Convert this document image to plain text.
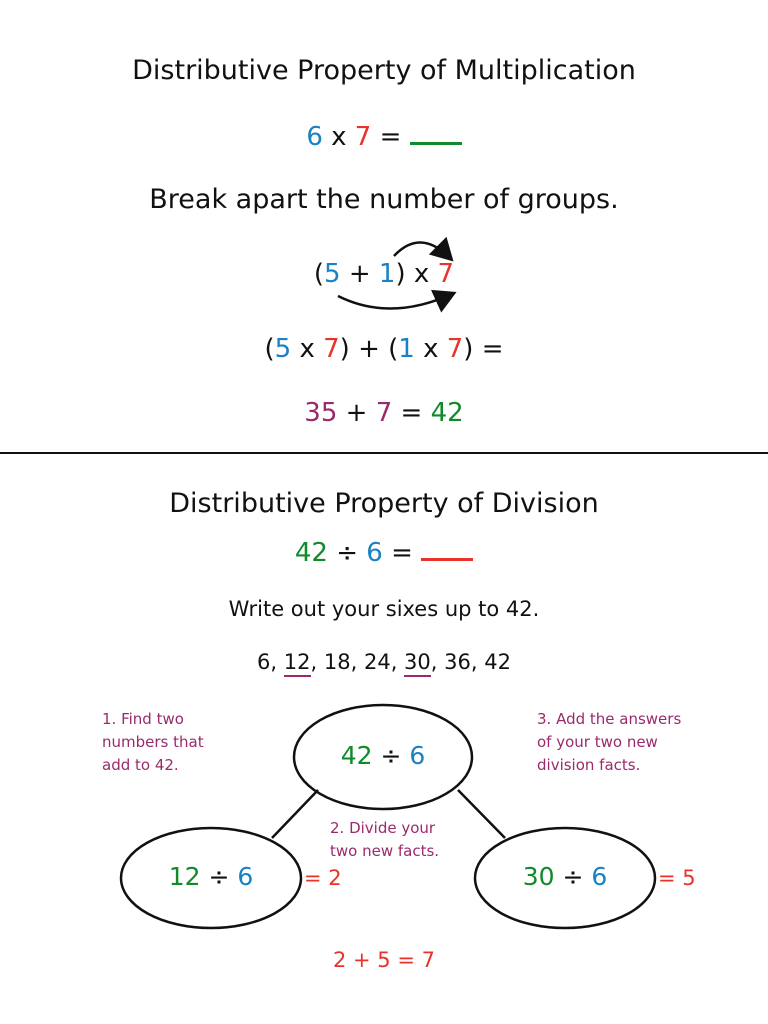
Distributive Property of Multiplication
6 x 7 =
Break apart the number of groups.
(5 + 1) x 7
(5 x 7) + (1 x 7) =
35 + 7 = 42
Distributive Property of Division
42 ÷ 6 =
Write out your sixes up to 42.
6, 12, 18, 24, 30, 36, 42
1. Find two
numbers that
add to 42.
2. Divide your
two new facts.
3. Add the answers
of your two new
division facts.
42 ÷ 6
12 ÷ 6	= 2	30 ÷ 6	= 5
2 + 5 = 7
